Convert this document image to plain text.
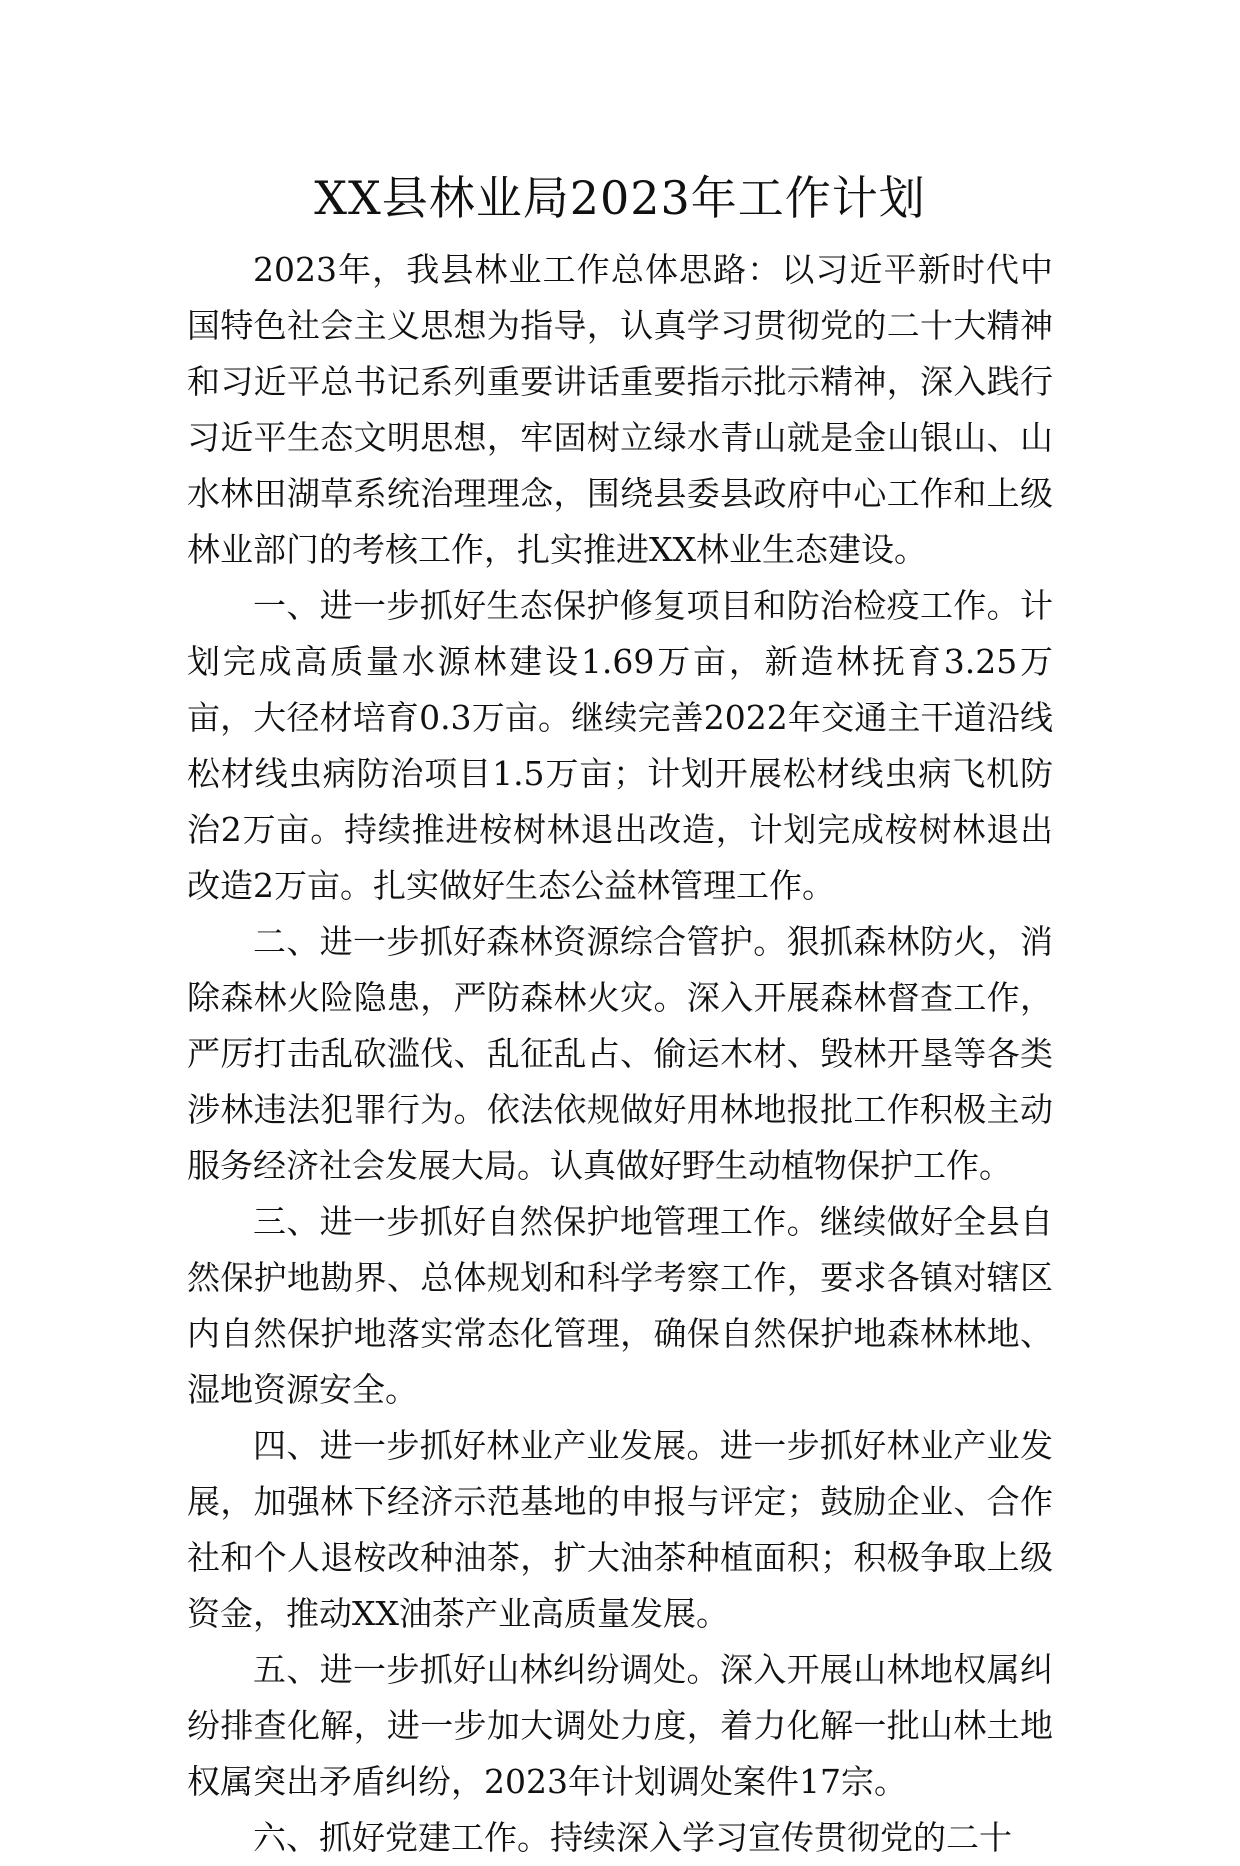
XX县林业局2023年工作计划

2023年，我县林业工作总体思路：以习近平新时代中国特色社会主义思想为指导，认真学习贯彻党的二十大精神和习近平总书记系列重要讲话重要指示批示精神，深入践行习近平生态文明思想，牢固树立绿水青山就是金山银山、山水林田湖草系统治理理念，围绕县委县政府中心工作和上级林业部门的考核工作，扎实推进XX林业生态建设。

一、进一步抓好生态保护修复项目和防治检疫工作。计划完成高质量水源林建设1.69万亩，新造林抚育3.25万亩，大径材培育0.3万亩。继续完善2022年交通主干道沿线松材线虫病防治项目1.5万亩；计划开展松材线虫病飞机防治2万亩。持续推进桉树林退出改造，计划完成桉树林退出改造2万亩。扎实做好生态公益林管理工作。

二、进一步抓好森林资源综合管护。狠抓森林防火，消除森林火险隐患，严防森林火灾。深入开展森林督查工作，严厉打击乱砍滥伐、乱征乱占、偷运木材、毁林开垦等各类涉林违法犯罪行为。依法依规做好用林地报批工作积极主动服务经济社会发展大局。认真做好野生动植物保护工作。

三、进一步抓好自然保护地管理工作。继续做好全县自然保护地勘界、总体规划和科学考察工作，要求各镇对辖区内自然保护地落实常态化管理，确保自然保护地森林林地、湿地资源安全。

四、进一步抓好林业产业发展。进一步抓好林业产业发展，加强林下经济示范基地的申报与评定；鼓励企业、合作社和个人退桉改种油茶，扩大油茶种植面积；积极争取上级资金，推动XX油茶产业高质量发展。

五、进一步抓好山林纠纷调处。深入开展山林地权属纠纷排查化解，进一步加大调处力度，着力化解一批山林土地权属突出矛盾纠纷，2023年计划调处案件17宗。

六、抓好党建工作。持续深入学习宣传贯彻党的二十
